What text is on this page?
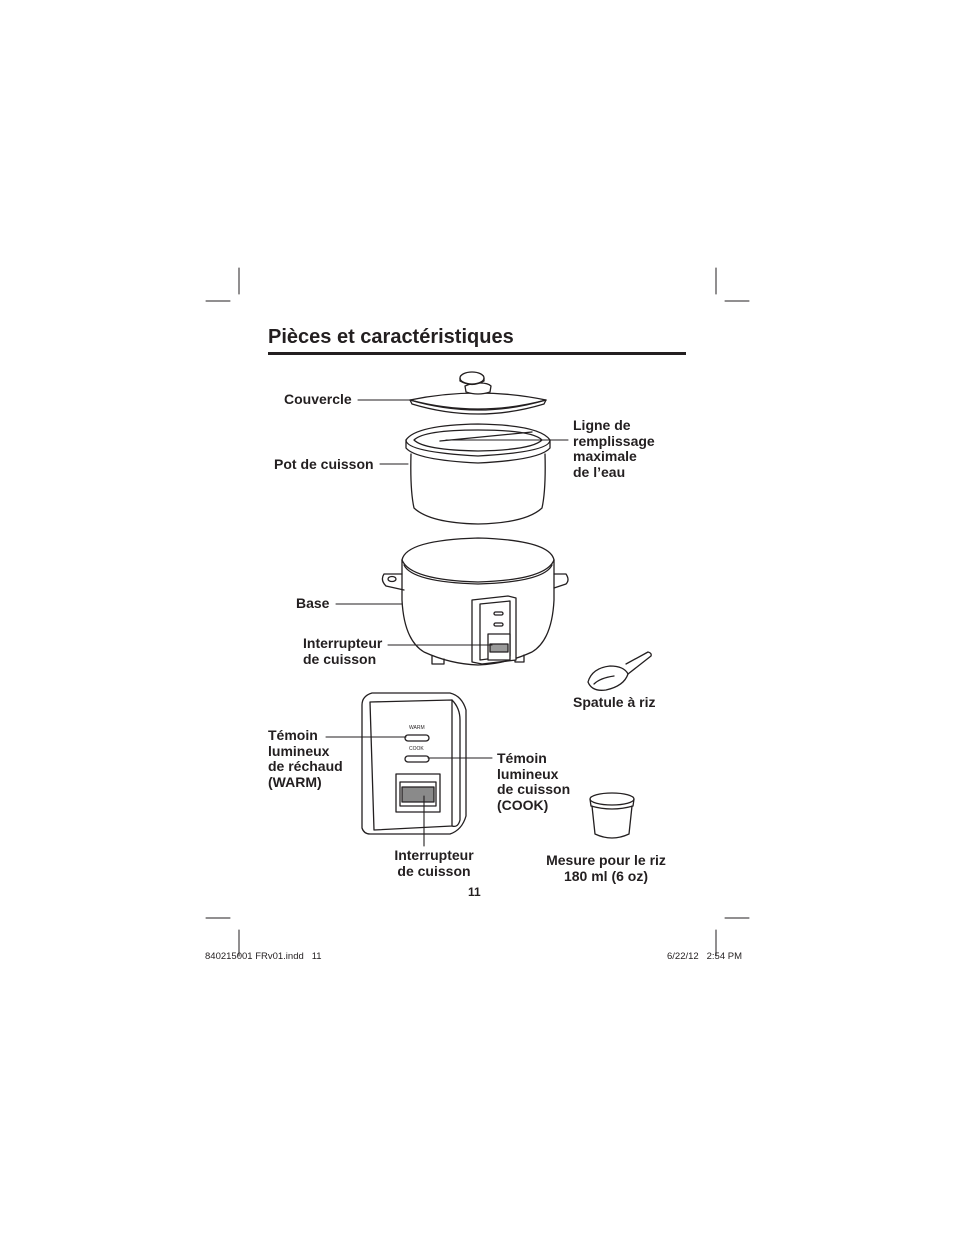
WARM
COOK
Pièces et caractéristiques
Couvercle
Pot de cuisson
Ligne de
remplissage
maximale
de l’eau
Base
Interrupteur
de cuisson
Spatule à riz
Témoin
lumineux
de réchaud
(WARM)
Témoin
lumineux
de cuisson
(COOK)
Interrupteur
de cuisson
Mesure pour le riz
180 ml (6 oz)
11
840215001 FRv01.indd   11	6/22/12   2:54 PM
